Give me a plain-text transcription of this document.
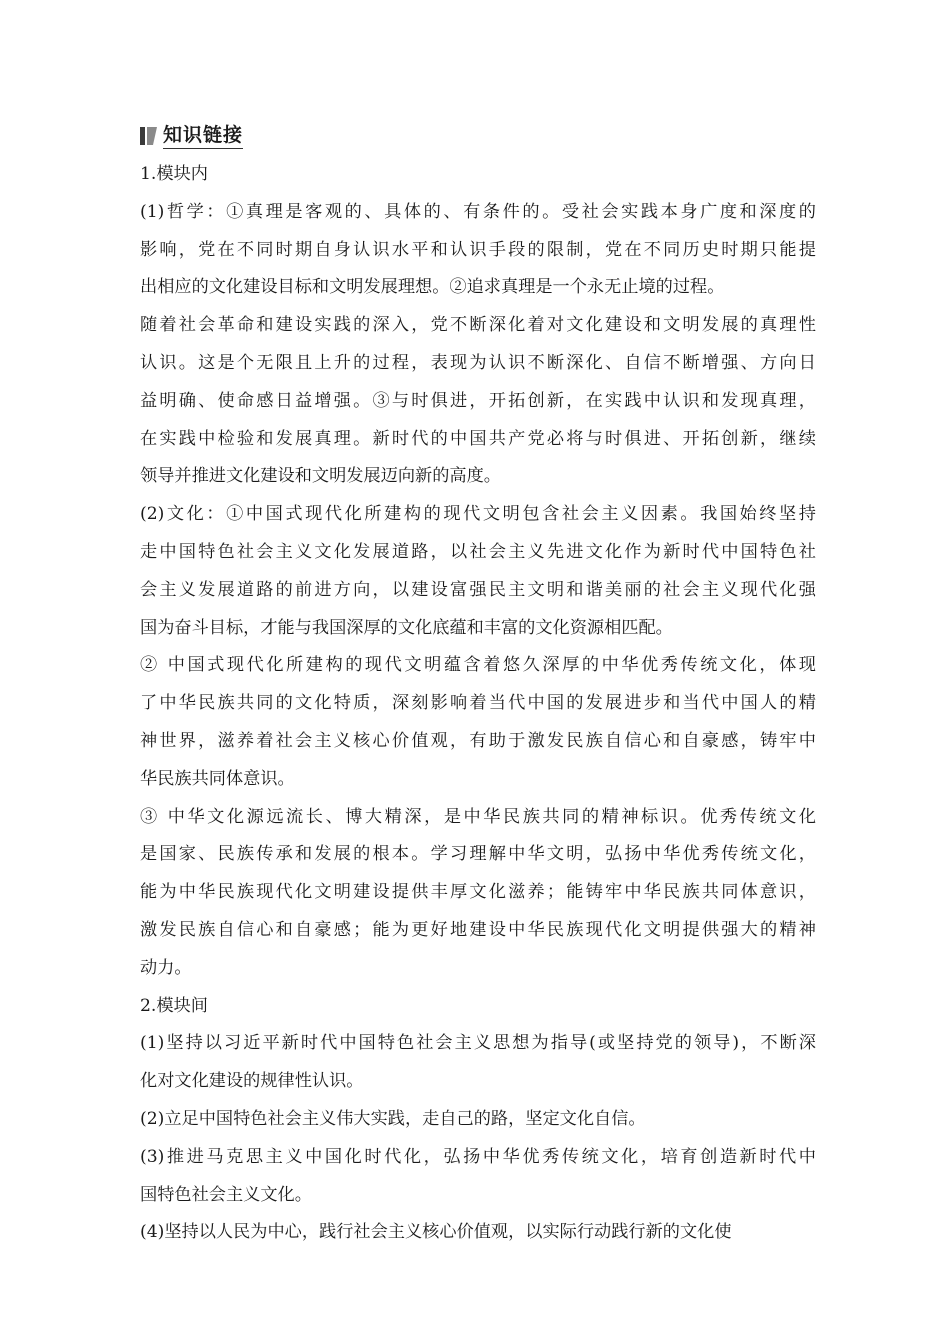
知识链接
1.模块内
(1)哲学：①真理是客观的、具体的、有条件的。受社会实践本身广度和深度的
影响，党在不同时期自身认识水平和认识手段的限制，党在不同历史时期只能提
出相应的文化建设目标和文明发展理想。②追求真理是一个永无止境的过程。
随着社会革命和建设实践的深入，党不断深化着对文化建设和文明发展的真理性
认识。这是个无限且上升的过程，表现为认识不断深化、自信不断增强、方向日
益明确、使命感日益增强。③与时俱进，开拓创新，在实践中认识和发现真理，
在实践中检验和发展真理。新时代的中国共产党必将与时俱进、开拓创新，继续
领导并推进文化建设和文明发展迈向新的高度。
(2)文化：①中国式现代化所建构的现代文明包含社会主义因素。我国始终坚持
走中国特色社会主义文化发展道路，以社会主义先进文化作为新时代中国特色社
会主义发展道路的前进方向，以建设富强民主文明和谐美丽的社会主义现代化强
国为奋斗目标，才能与我国深厚的文化底蕴和丰富的文化资源相匹配。
② 中国式现代化所建构的现代文明蕴含着悠久深厚的中华优秀传统文化，体现
了中华民族共同的文化特质，深刻影响着当代中国的发展进步和当代中国人的精
神世界，滋养着社会主义核心价值观，有助于激发民族自信心和自豪感，铸牢中
华民族共同体意识。
③ 中华文化源远流长、博大精深，是中华民族共同的精神标识。优秀传统文化
是国家、民族传承和发展的根本。学习理解中华文明，弘扬中华优秀传统文化，
能为中华民族现代化文明建设提供丰厚文化滋养；能铸牢中华民族共同体意识，
激发民族自信心和自豪感；能为更好地建设中华民族现代化文明提供强大的精神
动力。
2.模块间
(1)坚持以习近平新时代中国特色社会主义思想为指导(或坚持党的领导)，不断深
化对文化建设的规律性认识。
(2)立足中国特色社会主义伟大实践，走自己的路，坚定文化自信。
(3)推进马克思主义中国化时代化，弘扬中华优秀传统文化，培育创造新时代中
国特色社会主义文化。
(4)坚持以人民为中心，践行社会主义核心价值观，以实际行动践行新的文化使
